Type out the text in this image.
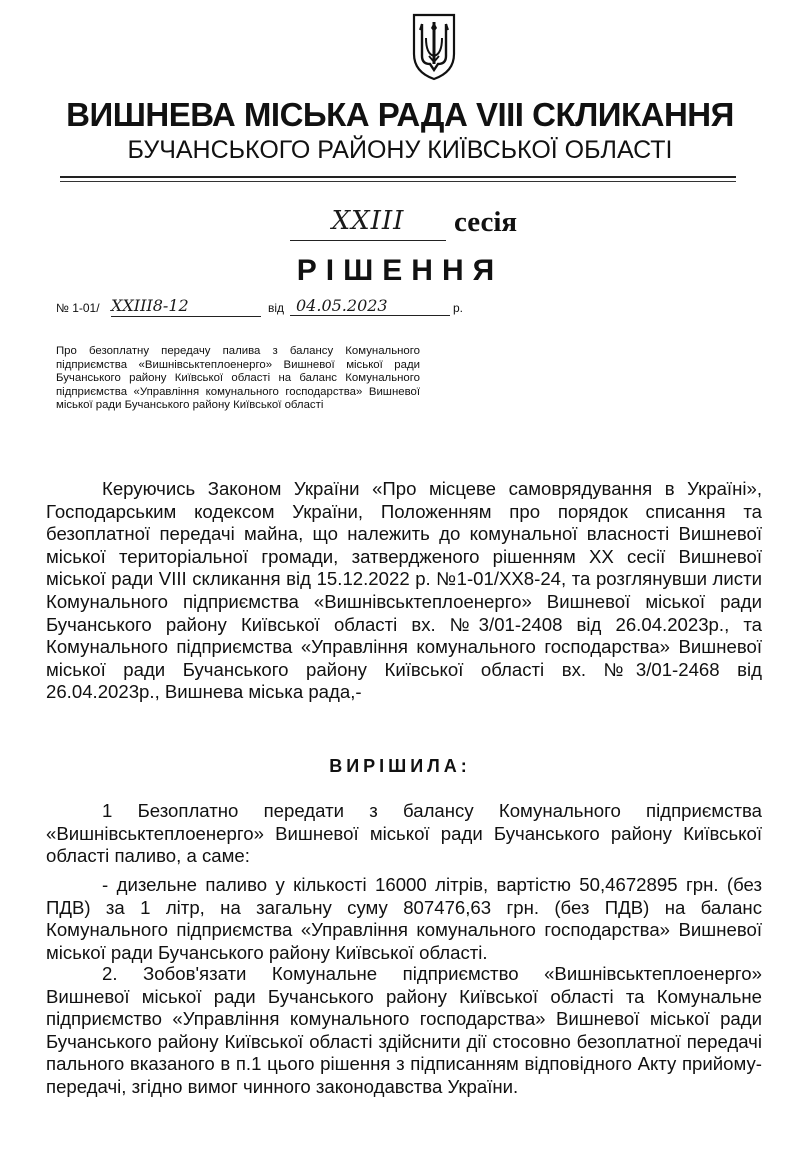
ВИШНЕВА МІСЬКА РАДА VIII СКЛИКАННЯ
БУЧАНСЬКОГО РАЙОНУ КИЇВСЬКОЇ ОБЛАСТІ
XXIII	сесія
РІШЕННЯ
№ 1-01/ XXIII8-12	від 04.05.2023	р.
Про безоплатну передачу палива з балансу Комунального підприємства «Вишнівськтеплоенерго» Вишневої міської ради Бучанського району Київської області на баланс Комунального підприємства «Управління комунального господарства» Вишневої міської ради Бучанського району Київської області
Керуючись Законом України «Про місцеве самоврядування в Україні», Господарським кодексом України, Положенням про порядок списання та безоплатної передачі майна, що належить до комунальної власності Вишневої міської територіальної громади, затвердженого рішенням XX сесії Вишневої міської ради VIII скликання від 15.12.2022 р. №1-01/XX8-24, та розглянувши листи Комунального підприємства «Вишнівськтеплоенерго» Вишневої міської ради Бучанського району Київської області вх. №3/01-2408 від 26.04.2023р., та Комунального підприємства «Управління комунального господарства» Вишневої міської ради Бучанського району Київської області вх. №3/01-2468 від 26.04.2023р., Вишнева міська рада,-
ВИРІШИЛА:
1 Безоплатно передати з балансу Комунального підприємства «Вишнівськтеплоенерго» Вишневої міської ради Бучанського району Київської області паливо, а саме:
- дизельне паливо у кількості 16000 літрів, вартістю 50,4672895 грн. (без ПДВ) за 1 літр, на загальну суму 807476,63 грн. (без ПДВ) на баланс Комунального підприємства «Управління комунального господарства» Вишневої міської ради Бучанського району Київської області.
2. Зобов'язати Комунальне підприємство «Вишнівськтеплоенерго» Вишневої міської ради Бучанського району Київської області та Комунальне підприємство «Управління комунального господарства» Вишневої міської ради Бучанського району Київської області здійснити дії стосовно безоплатної передачі пального вказаного в п.1 цього рішення з підписанням відповідного Акту прийому-передачі, згідно вимог чинного законодавства України.
